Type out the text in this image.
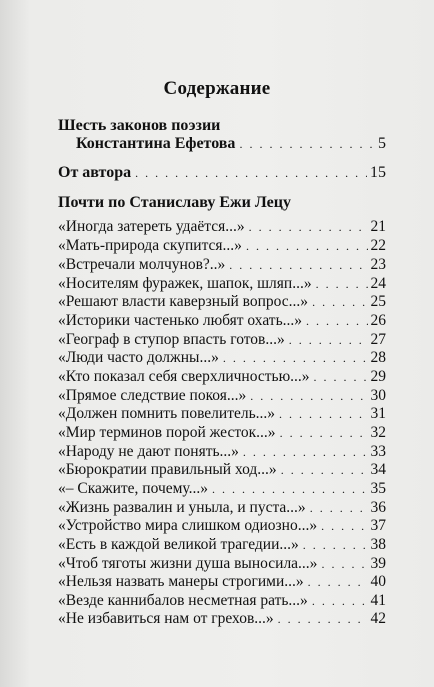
Содержание
Шесть законов поэзии
Константина Ефетова . . .	5
От автора . . .	15
Почти по Станиславу Ежи Лецу
«Иногда затереть удаётся...» . . .	21
«Мать-природа скупится...» . . .	22
«Встречали молчунов?..» . . .	23
«Носителям фуражек, шапок, шляп...» . . .	24
«Решают власти каверзный вопрос...» . . .	25
«Историки частенько любят охать...» . . .	26
«Географ в ступор впасть готов...» . . .	27
«Люди часто должны...» . . .	28
«Кто показал себя сверхличностью...» . . .	29
«Прямое следствие покоя...» . . .	30
«Должен помнить повелитель...» . . .	31
«Мир терминов порой жесток...» . . .	32
«Народу не дают понять...» . . .	33
«Бюрократии правильный ход...» . . .	34
«– Скажите, почему...» . . .	35
«Жизнь развалин и уныла, и пуста...» . . .	36
«Устройство мира слишком одиозно...» . . .	37
«Есть в каждой великой трагедии...» . . .	38
«Чтоб тяготы жизни душа выносила...» . . .	39
«Нельзя назвать манеры строгими...» . . .	40
«Везде каннибалов несметная рать...» . . .	41
«Не избавиться нам от грехов...» . . .	42
